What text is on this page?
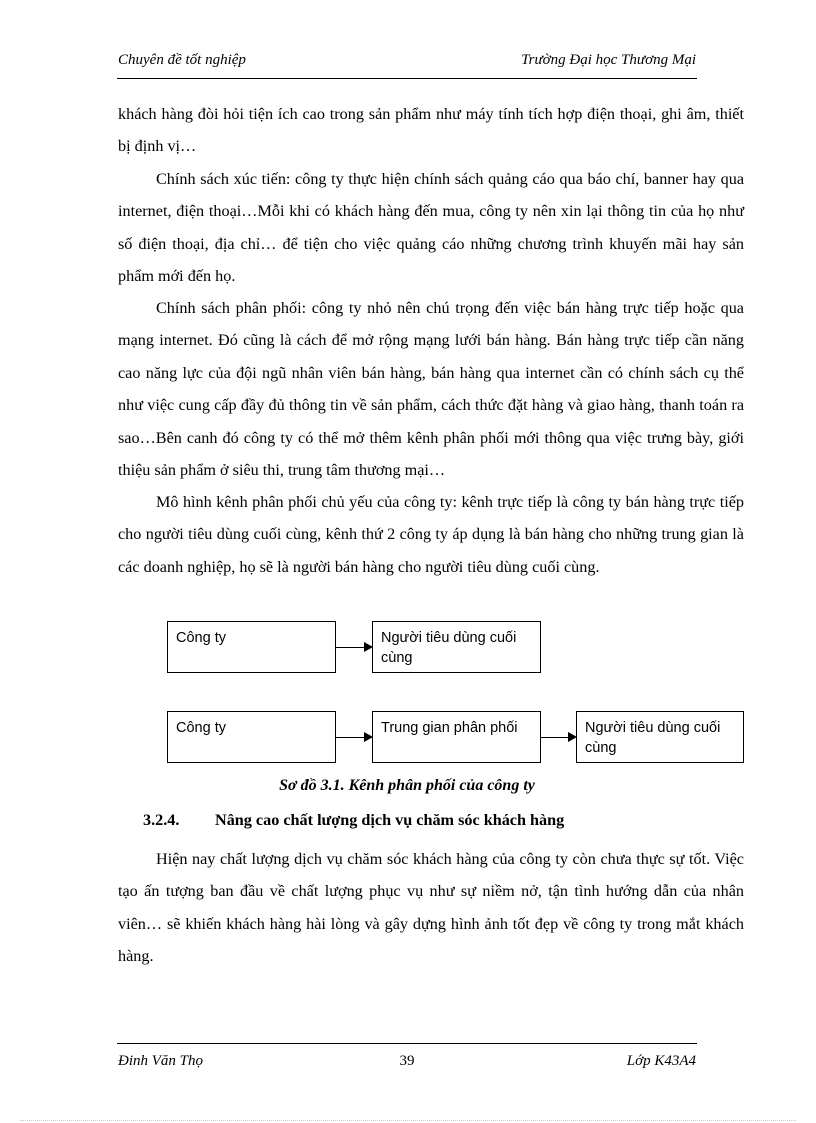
Chuyên đề tốt nghiệp	Trường Đại học Thương Mại

khách hàng đòi hỏi tiện ích cao trong sản phẩm như máy tính tích hợp điện thoại, ghi âm, thiết bị định vị…

Chính sách xúc tiến: công ty thực hiện chính sách quảng cáo qua báo chí, banner hay qua internet, điện thoại…Mỗi khi có khách hàng đến mua, công ty nên xin lại thông tin của họ như số điện thoại, địa chỉ… để tiện cho việc quảng cáo những chương trình khuyến mãi hay sản phẩm mới đến họ.

Chính sách phân phối: công ty nhỏ nên chú trọng đến việc bán hàng trực tiếp hoặc qua mạng internet. Đó cũng là cách để mở rộng mạng lưới bán hàng. Bán hàng trực tiếp cần năng cao năng lực của đội ngũ nhân viên bán hàng, bán hàng qua internet cần có chính sách cụ thể như việc cung cấp đầy đủ thông tin về sản phẩm, cách thức đặt hàng và giao hàng, thanh toán ra sao…Bên canh đó công ty có thể mở thêm kênh phân phối mới thông qua việc trưng bày, giới thiệu sản phẩm ở siêu thi, trung tâm thương mại…

Mô hình kênh phân phối chủ yếu của công ty: kênh trực tiếp là công ty bán hàng trực tiếp cho người tiêu dùng cuối cùng, kênh thứ 2 công ty áp dụng là bán hàng cho những trung gian là các doanh nghiệp, họ sẽ là người bán hàng cho người tiêu dùng cuối cùng.

Công ty	Người tiêu dùng cuối cùng
Công ty	Trung gian phân phối	Người tiêu dùng cuối cùng
Sơ đồ 3.1. Kênh phân phối của công ty
3.2.4. Nâng cao chất lượng dịch vụ chăm sóc khách hàng

Hiện nay chất lượng dịch vụ chăm sóc khách hàng của công ty còn chưa thực sự tốt. Việc tạo ấn tượng ban đầu về chất lượng phục vụ như sự niềm nở, tận tình hướng dẫn của nhân viên… sẽ khiến khách hàng hài lòng và gây dựng hình ảnh tốt đẹp về công ty trong mắt khách hàng.

Đinh Văn Thọ	39	Lớp K43A4
